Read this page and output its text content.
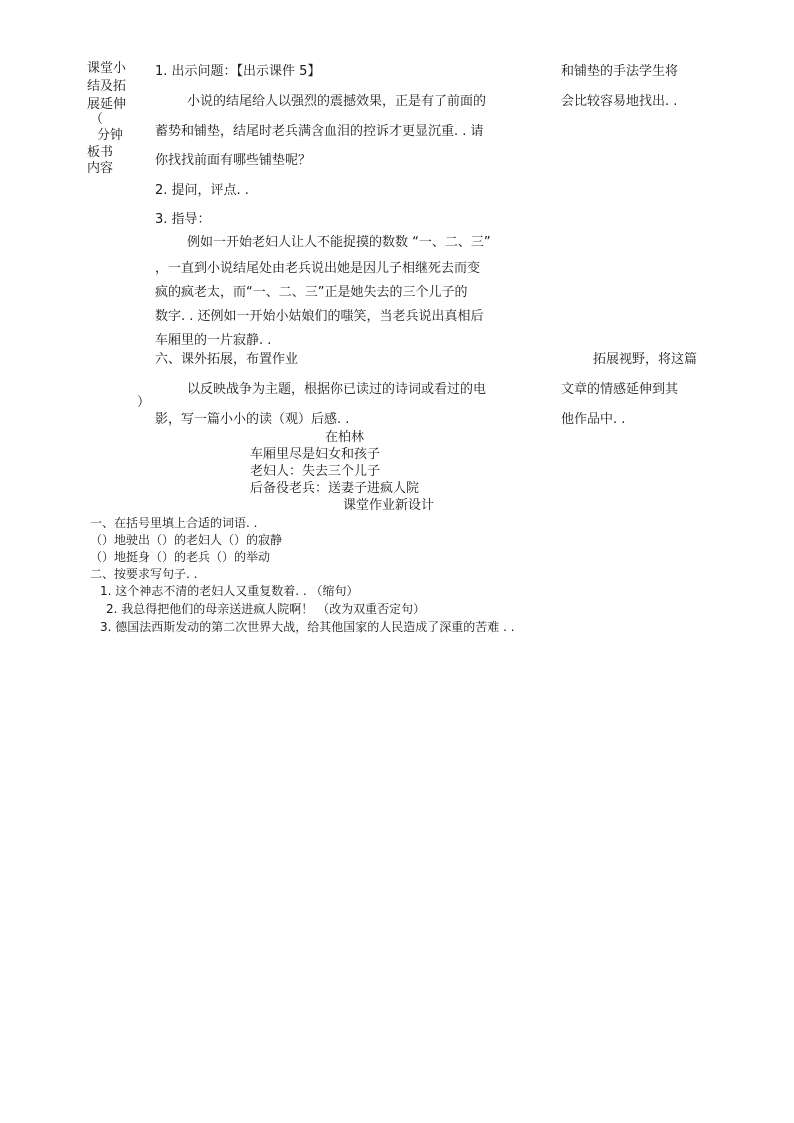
课堂小
结及拓
展延伸
（
分钟
板书
内容
1. 出示问题：【出示课件 5】
小说的结尾给人以强烈的震撼效果，正是有了前面的
蓄势和铺垫，结尾时老兵满含血泪的控诉才更显沉重. . 请
你找找前面有哪些铺垫呢？
2. 提问，评点. .
3. 指导：
例如一开始老妇人让人不能捉摸的数数 “一、二、三”
，一直到小说结尾处由老兵说出她是因儿子相继死去而变
疯的疯老太，而“一、二、三”正是她失去的三个儿子的
数字. . 还例如一开始小姑娘们的嗤笑，当老兵说出真相后
车厢里的一片寂静. .
和铺垫的手法学生将
会比较容易地找出. .
拓展视野，将这篇
文章的情感延伸到其
他作品中. .
六、课外拓展，布置作业
以反映战争为主题，根据你已读过的诗词或看过的电
）
影，写一篇小小的读（观）后感. .
在柏林
车厢里尽是妇女和孩子
老妇人：失去三个儿子
后备役老兵：送妻子进疯人院
课堂作业新设计
一、在括号里填上合适的词语. .
（）地驶出（）的老妇人（）的寂静
（）地挺身（）的老兵（）的举动
二、按要求写句子. .
1. 这个神志不清的老妇人又重复数着. . （缩句）
2. 我总得把他们的母亲送进疯人院啊！ （改为双重否定句）
3. 德国法西斯发动的第二次世界大战，给其他国家的人民造成了深重的苦难 . .
